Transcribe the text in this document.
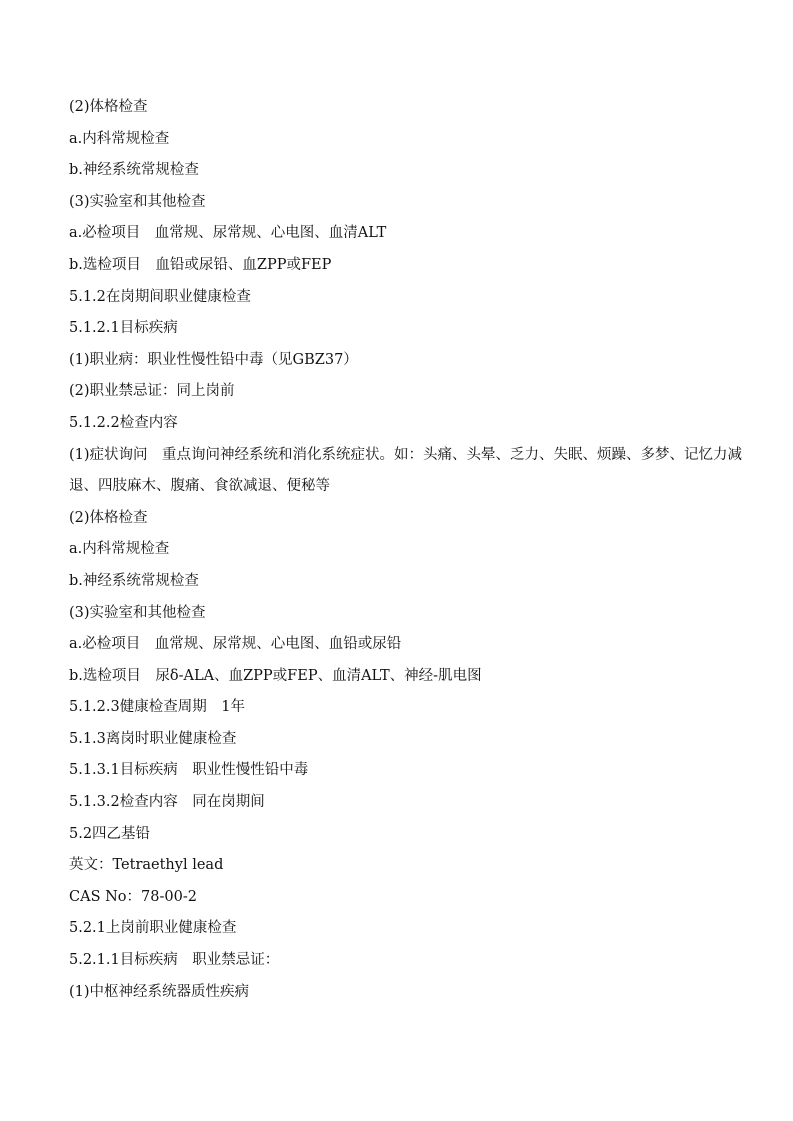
(2)体格检查
a.内科常规检查
b.神经系统常规检查
(3)实验室和其他检查
a.必检项目　血常规、尿常规、心电图、血清ALT
b.选检项目　血铅或尿铅、血ZPP或FEP
5.1.2在岗期间职业健康检查
5.1.2.1目标疾病
(1)职业病：职业性慢性铅中毒（见GBZ37）
(2)职业禁忌证：同上岗前
5.1.2.2检查内容
(1)症状询问　重点询问神经系统和消化系统症状。如：头痛、头晕、乏力、失眠、烦躁、多梦、记忆力减退、四肢麻木、腹痛、食欲减退、便秘等
(2)体格检查
a.内科常规检查
b.神经系统常规检查
(3)实验室和其他检查
a.必检项目　血常规、尿常规、心电图、血铅或尿铅
b.选检项目　尿δ-ALA、血ZPP或FEP、血清ALT、神经-肌电图
5.1.2.3健康检查周期　1年
5.1.3离岗时职业健康检查
5.1.3.1目标疾病　职业性慢性铅中毒
5.1.3.2检查内容　同在岗期间
5.2四乙基铅
英文：Tetraethyl lead
CAS No：78-00-2
5.2.1上岗前职业健康检查
5.2.1.1目标疾病　职业禁忌证：
(1)中枢神经系统器质性疾病
